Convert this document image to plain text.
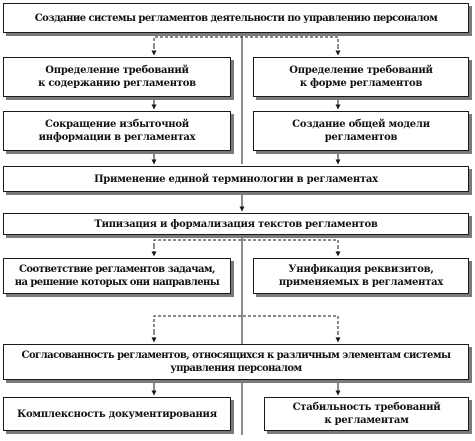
Создание системы регламентов деятельности по управлению персоналом
Определение требований
к содержанию регламентов
Определение требований
к форме регламентов
Сокращение избыточной
информации в регламентах
Создание общей модели
регламентов
Применение единой терминологии в регламентах
Типизация и формализация текстов регламентов
Соответствие регламентов задачам,
на решение которых они направлены
Унификация реквизитов,
применяемых в регламентах
Согласованность регламентов, относящихся к различным элементам системы
управления персоналом
Комплексность документирования
Стабильность требований
к регламентам
